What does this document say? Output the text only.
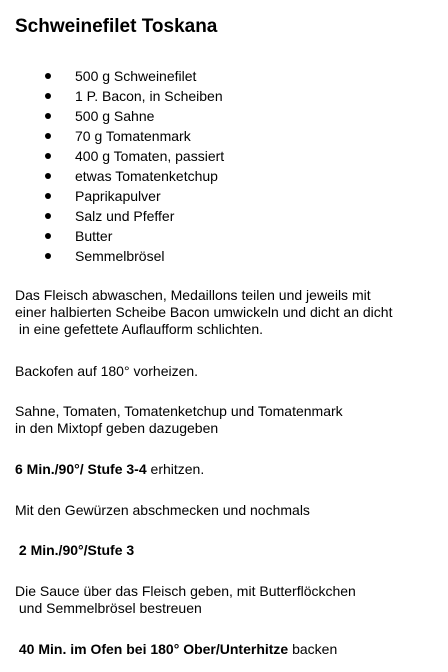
Schweinefilet Toskana
500 g Schweinefilet
1 P. Bacon, in Scheiben
500 g Sahne
70 g Tomatenmark
400 g Tomaten, passiert
etwas Tomatenketchup
Paprikapulver
Salz und Pfeffer
Butter
Semmelbrösel
Das Fleisch abwaschen, Medaillons teilen und jeweils mit
einer halbierten Scheibe Bacon umwickeln und dicht an dicht
in eine gefettete Auflaufform schlichten.
Backofen auf 180° vorheizen.
Sahne, Tomaten, Tomatenketchup und Tomatenmark
in den Mixtopf geben dazugeben
6 Min./90°/ Stufe 3-4 erhitzen.
Mit den Gewürzen abschmecken und nochmals
2 Min./90°/Stufe 3
Die Sauce über das Fleisch geben, mit Butterflöckchen
und Semmelbrösel bestreuen
40 Min. im Ofen bei 180° Ober/Unterhitze backen
